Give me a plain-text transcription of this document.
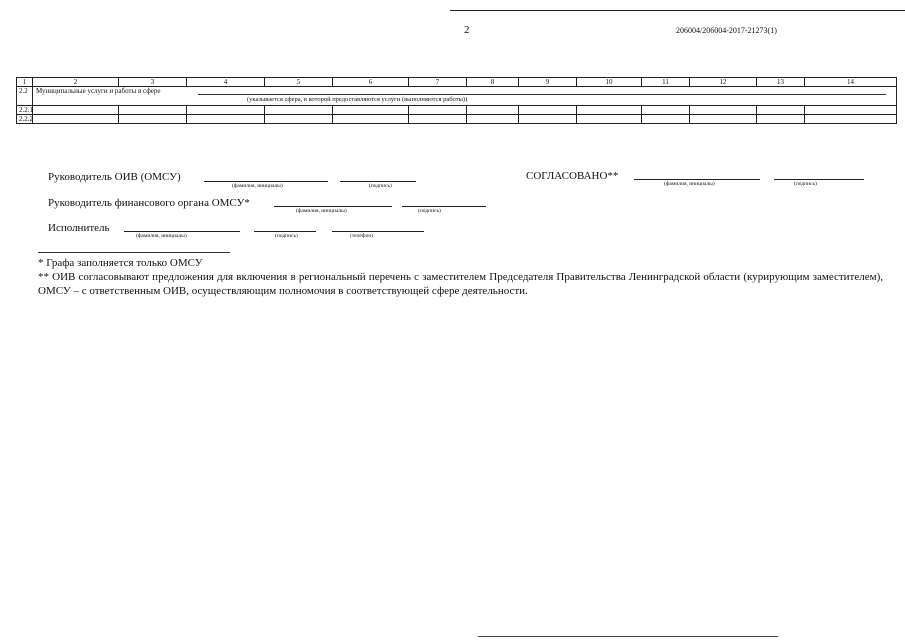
2	206004/206004-2017-21273(1)
1	2	3	4	5	6	7	8	9	10	11	12	13	14
2.2	Муниципальные услуги и работы в сфере
(указывается сфера, в которой предоставляются услуги (выполняются работы))												

2.2.1													
2.2.2													
Руководитель ОИВ (ОМСУ)
(фамилия, инициалы)	(подпись)
СОГЛАСОВАНО**
(фамилия, инициалы)	(подпись)
Руководитель финансового органа ОМСУ*
(фамилия, инициалы)	(подпись)
Исполнитель
(фамилия, инициалы)	(подпись)	(телефон)
* Графа заполняется только ОМСУ
** ОИВ согласовывают предложения для включения в региональный перечень с заместителем Председателя Правительства Ленинградской области (курирующим заместителем), ОМСУ – с ответственным ОИВ, осуществляющим полномочия в соответствующей сфере деятельности.
